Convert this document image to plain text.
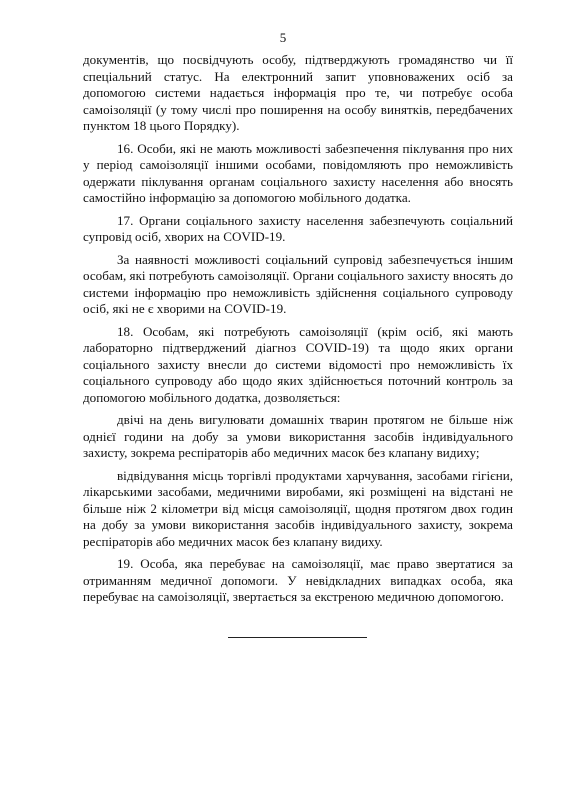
5

документів, що посвідчують особу, підтверджують громадянство чи її спеціальний статус. На електронний запит уповноважених осіб за допомогою системи надається інформація про те, чи потребує особа самоізоляції (у тому числі про поширення на особу винятків, передбачених пунктом 18 цього Порядку).

16. Особи, які не мають можливості забезпечення піклування про них у період самоізоляції іншими особами, повідомляють про неможливість одержати піклування органам соціального захисту населення або вносять самостійно інформацію за допомогою мобільного додатка.

17. Органи соціального захисту населення забезпечують соціальний супровід осіб, хворих на COVID-19.

За наявності можливості соціальний супровід забезпечується іншим особам, які потребують самоізоляції. Органи соціального захисту вносять до системи інформацію про неможливість здійснення соціального супроводу осіб, які не є хворими на COVID-19.

18. Особам, які потребують самоізоляції (крім осіб, які мають лабораторно підтверджений діагноз COVID-19) та щодо яких органи соціального захисту внесли до системи відомості про неможливість їх соціального супроводу або щодо яких здійснюється поточний контроль за допомогою мобільного додатка, дозволяється:

двічі на день вигулювати домашніх тварин протягом не більше ніж однієї години на добу за умови використання засобів індивідуального захисту, зокрема респіраторів або медичних масок без клапану видиху;

відвідування місць торгівлі продуктами харчування, засобами гігієни, лікарськими засобами, медичними виробами, які розміщені на відстані не більше ніж 2 кілометри від місця самоізоляції, щодня протягом двох годин на добу за умови використання засобів індивідуального захисту, зокрема респіраторів або медичних масок без клапану видиху.

19. Особа, яка перебуває на самоізоляції, має право звертатися за отриманням медичної допомоги. У невідкладних випадках особа, яка перебуває на самоізоляції, звертається за екстреною медичною допомогою.
